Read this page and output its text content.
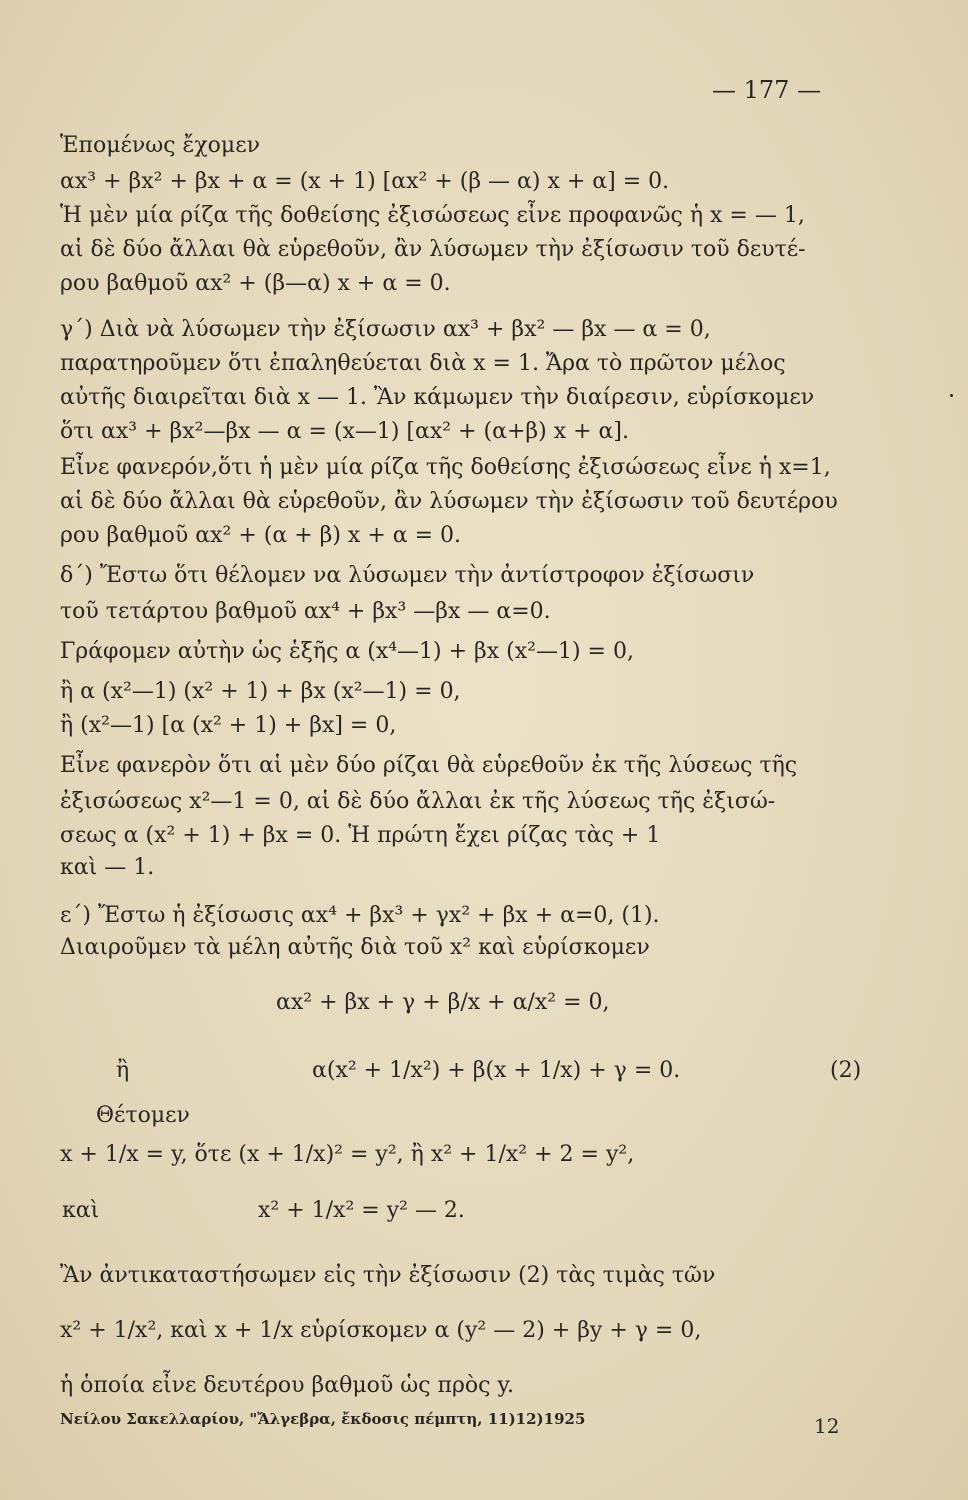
— 177 —
Ἑπομένως ἔχομεν
αx³ + βx² + βx + α = (x + 1) [αx² + (β — α) x + α] = 0.
Ἡ μὲν μία ρίζα τῆς δοθείσης ἐξισώσεως εἶνε προφανῶς ἡ x = — 1,
αἱ δὲ δύο ἄλλαι θὰ εὑρεθοῦν, ἂν λύσωμεν τὴν ἐξίσωσιν τοῦ δευτέ-
ρου βαθμοῦ αx² + (β—α) x + α = 0.
γ΄) Διὰ νὰ λύσωμεν τὴν ἐξίσωσιν αx³ + βx² — βx — α = 0,
παρατηροῦμεν ὅτι ἐπαληθεύεται διὰ x = 1. Ἄρα τὸ πρῶτον μέλος
αὐτῆς διαιρεῖται διὰ x — 1. Ἂν κάμωμεν τὴν διαίρεσιν, εὑρίσκομεν
ὅτι αx³ + βx²—βx — α = (x—1) [αx² + (α+β) x + α].
Εἶνε φανερόν,ὅτι ἡ μὲν μία ρίζα τῆς δοθείσης ἐξισώσεως εἶνε ἡ x=1,
αἱ δὲ δύο ἄλλαι θὰ εὑρεθοῦν, ἂν λύσωμεν τὴν ἐξίσωσιν τοῦ δευτέρου
ρου βαθμοῦ αx² + (α + β) x + α = 0.
δ΄) Ἔστω ὅτι θέλομεν να λύσωμεν τὴν ἀντίστροφον ἐξίσωσιν
τοῦ τετάρτου βαθμοῦ αx⁴ + βx³ —βx — α=0.
Γράφομεν αὐτὴν ὡς ἑξῆς α (x⁴—1) + βx (x²—1) = 0,
ἢ α (x²—1) (x² + 1) + βx (x²—1) = 0,
ἢ (x²—1) [α (x² + 1) + βx] = 0,
Εἶνε φανερὸν ὅτι αἱ μὲν δύο ρίζαι θὰ εὑρεθοῦν ἐκ τῆς λύσεως τῆς
ἐξισώσεως x²—1 = 0, αἱ δὲ δύο ἄλλαι ἐκ τῆς λύσεως τῆς ἐξισώ-
σεως α (x² + 1) + βx = 0. Ἡ πρώτη ἔχει ρίζας τὰς + 1
καὶ — 1.
ε΄) Ἔστω ἡ ἐξίσωσις αx⁴ + βx³ + γx² + βx + α=0, (1).
Διαιροῦμεν τὰ μέλη αὐτῆς διὰ τοῦ x² καὶ εὑρίσκομεν
αx² + βx + γ + β/x + α/x² = 0,
ἢ	α(x² + 1/x²) + β(x + 1/x) + γ = 0.	(2)
Θέτομεν
x + 1/x = y, ὅτε (x + 1/x)² = y², ἢ x² + 1/x² + 2 = y²,
καὶ	x² + 1/x² = y² — 2.
Ἂν ἀντικαταστήσωμεν εἰς τὴν ἐξίσωσιν (2) τὰς τιμὰς τῶν
x² + 1/x², καὶ x + 1/x εὑρίσκομεν α (y² — 2) + βy + γ = 0,
ἡ ὁποία εἶνε δευτέρου βαθμοῦ ὡς πρὸς y.
Νείλου Σακελλαρίου, "Ἄλγεβρα, ἔκδοσις πέμπτη, 11)12)1925	12
